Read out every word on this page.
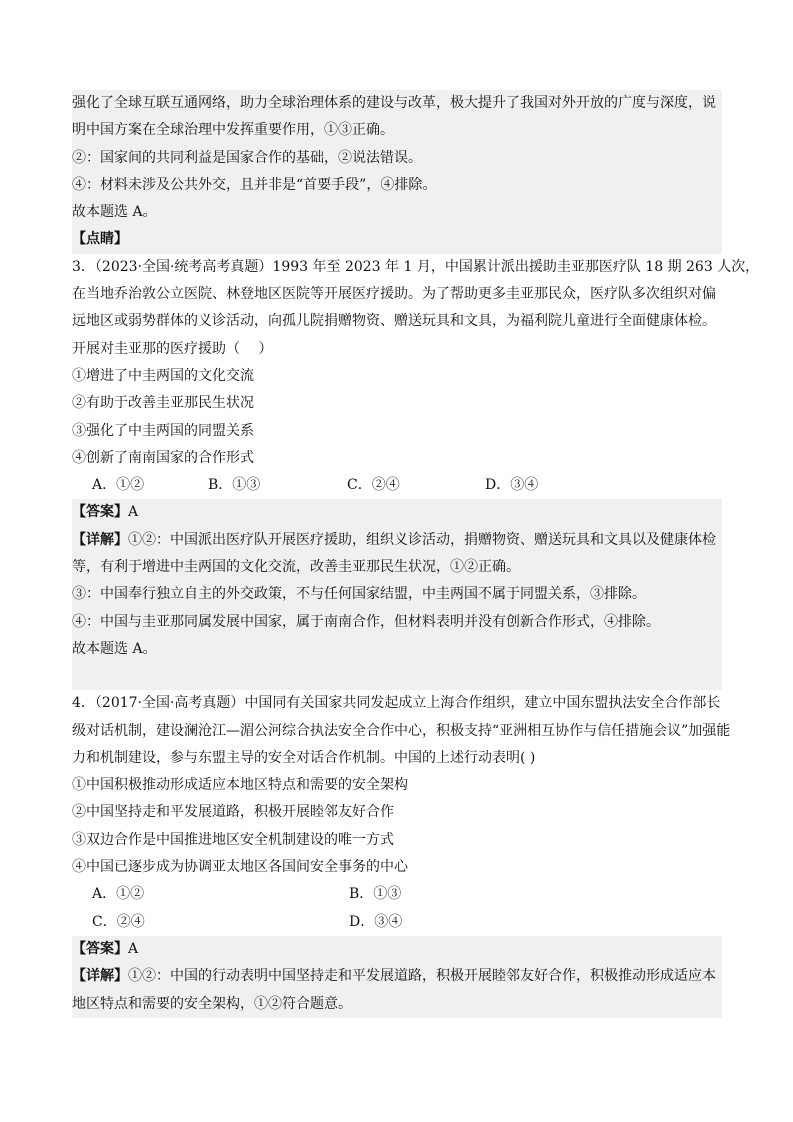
强化了全球互联互通网络，助力全球治理体系的建设与改革，极大提升了我国对外开放的广度与深度，说
明中国方案在全球治理中发挥重要作用，①③正确。
②：国家间的共同利益是国家合作的基础，②说法错误。
④：材料未涉及公共外交，且并非是“首要手段”，④排除。
故本题选 A。
【点睛】
3．（2023·全国·统考高考真题）1993 年至 2023 年 1 月，中国累计派出援助圭亚那医疗队 18 期 263 人次，
在当地乔治敦公立医院、林登地区医院等开展医疗援助。为了帮助更多圭亚那民众，医疗队多次组织对偏
远地区或弱势群体的义诊活动，向孤儿院捐赠物资、赠送玩具和文具，为福利院儿童进行全面健康体检。
开展对圭亚那的医疗援助（　 ）
①增进了中圭两国的文化交流
②有助于改善圭亚那民生状况
③强化了中圭两国的同盟关系
④创新了南南国家的合作形式
A．①②	B．①③	C．②④	D．③④
【答案】A
【详解】①②：中国派出医疗队开展医疗援助，组织义诊活动，捐赠物资、赠送玩具和文具以及健康体检
等，有利于增进中圭两国的文化交流，改善圭亚那民生状况，①②正确。
③：中国奉行独立自主的外交政策，不与任何国家结盟，中圭两国不属于同盟关系，③排除。
④：中国与圭亚那同属发展中国家，属于南南合作，但材料表明并没有创新合作形式，④排除。
故本题选 A。
4．（2017·全国·高考真题）中国同有关国家共同发起成立上海合作组织，建立中国东盟执法安全合作部长
级对话机制，建设澜沧江—湄公河综合执法安全合作中心，积极支持“亚洲相互协作与信任措施会议”加强能
力和机制建设，参与东盟主导的安全对话合作机制。中国的上述行动表明( )
①中国积极推动形成适应本地区特点和需要的安全架构
②中国坚持走和平发展道路，积极开展睦邻友好合作
③双边合作是中国推进地区安全机制建设的唯一方式
④中国已逐步成为协调亚太地区各国间安全事务的中心
A．①②	B．①③
C．②④	D．③④
【答案】A
【详解】①②：中国的行动表明中国坚持走和平发展道路，积极开展睦邻友好合作，积极推动形成适应本
地区特点和需要的安全架构，①②符合题意。
